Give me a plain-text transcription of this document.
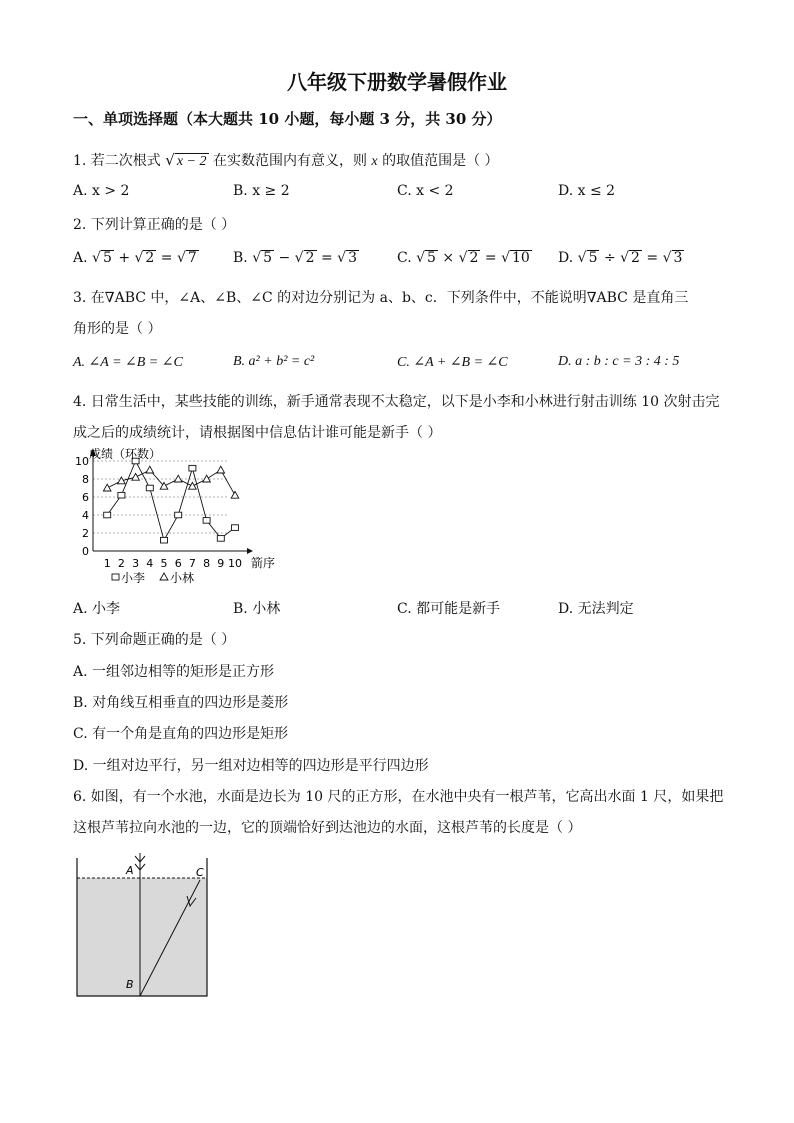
八年级下册数学暑假作业
一、单项选择题（本大题共 10 小题，每小题 3 分，共 30 分）
1. 若二次根式 √ x − 2 在实数范围内有意义，则 x 的取值范围是（ ）
A. x > 2	B. x ≥ 2	C. x < 2	D. x ≤ 2
2. 下列计算正确的是（ ）
A. √ 5 + √ 2 = √ 7	B. √ 5 − √ 2 = √ 3	C. √ 5 × √ 2 = √ 10 D. √ 5 ÷ √ 2 = √ 3
3. 在∇ABC 中，∠A、∠B、∠C 的对边分别记为 a、b、c．下列条件中，不能说明∇ABC 是直角三
角形的是（ ）
A. ∠A = ∠B = ∠C	B. a² + b² = c²	C. ∠A + ∠B = ∠C	D. a : b : c = 3 : 4 : 5
4. 日常生活中，某些技能的训练，新手通常表现不太稳定，以下是小李和小林进行射击训练 10 次射击完
成之后的成绩统计，请根据图中信息估计谁可能是新手（ ）
0
2
4
6
8
10
成绩（环数）
箭序
1 2 3 4 5 6 7 8 9 10
小李 小林
A. 小李	B. 小林	C. 都可能是新手	D. 无法判定
5. 下列命题正确的是（ ）
A. 一组邻边相等的矩形是正方形
B. 对角线互相垂直的四边形是菱形
C. 有一个角是直角的四边形是矩形
D. 一组对边平行，另一组对边相等的四边形是平行四边形
6. 如图，有一个水池，水面是边长为 10 尺的正方形，在水池中央有一根芦苇，它高出水面 1 尺，如果把
这根芦苇拉向水池的一边，它的顶端恰好到达池边的水面，这根芦苇的长度是（ ）
A	C
B
